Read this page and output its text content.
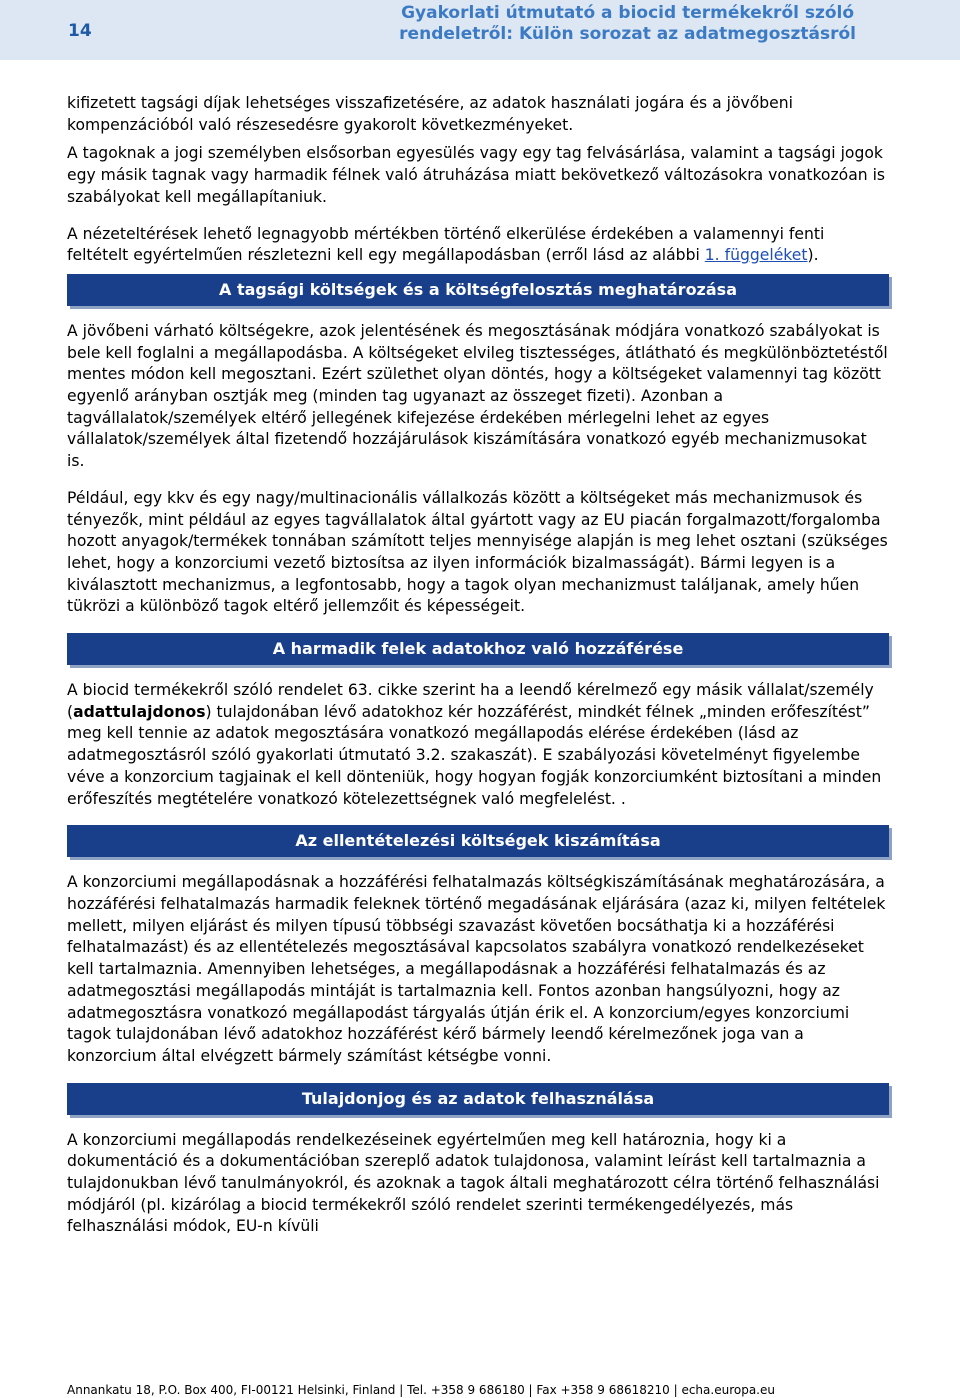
14
Gyakorlati útmutató a biocid termékekről szóló
rendeletről: Külön sorozat az adatmegosztásról

kifizetett tagsági díjak lehetséges visszafizetésére, az adatok használati jogára és a jövőbeni kompenzációból való részesedésre gyakorolt következményeket.

A tagoknak a jogi személyben elsősorban egyesülés vagy egy tag felvásárlása, valamint a tagsági jogok egy másik tagnak vagy harmadik félnek való átruházása miatt bekövetkező változásokra vonatkozóan is szabályokat kell megállapítaniuk.

A nézeteltérések lehető legnagyobb mértékben történő elkerülése érdekében a valamennyi fenti feltételt egyértelműen részletezni kell egy megállapodásban (erről lásd az alábbi 1. függeléket).

A tagsági költségek és a költségfelosztás meghatározása

A jövőbeni várható költségekre, azok jelentésének és megosztásának módjára vonatkozó szabályokat is bele kell foglalni a megállapodásba. A költségeket elvileg tisztességes, átlátható és megkülönböztetéstől mentes módon kell megosztani. Ezért születhet olyan döntés, hogy a költségeket valamennyi tag között egyenlő arányban osztják meg (minden tag ugyanazt az összeget fizeti). Azonban a tagvállalatok/személyek eltérő jellegének kifejezése érdekében mérlegelni lehet az egyes vállalatok/személyek által fizetendő hozzájárulások kiszámítására vonatkozó egyéb mechanizmusokat is.

Például, egy kkv és egy nagy/multinacionális vállalkozás között a költségeket más mechanizmusok és tényezők, mint például az egyes tagvállalatok által gyártott vagy az EU piacán forgalmazott/forgalomba hozott anyagok/termékek tonnában számított teljes mennyisége alapján is meg lehet osztani (szükséges lehet, hogy a konzorciumi vezető biztosítsa az ilyen információk bizalmasságát). Bármi legyen is a kiválasztott mechanizmus, a legfontosabb, hogy a tagok olyan mechanizmust találjanak, amely hűen tükrözi a különböző tagok eltérő jellemzőit és képességeit.

A harmadik felek adatokhoz való hozzáférése

A biocid termékekről szóló rendelet 63. cikke szerint ha a leendő kérelmező egy másik vállalat/személy (adattulajdonos) tulajdonában lévő adatokhoz kér hozzáférést, mindkét félnek „minden erőfeszítést” meg kell tennie az adatok megosztására vonatkozó megállapodás elérése érdekében (lásd az adatmegosztásról szóló gyakorlati útmutató 3.2. szakaszát). E szabályozási követelményt figyelembe véve a konzorcium tagjainak el kell dönteniük, hogy hogyan fogják konzorciumként biztosítani a minden erőfeszítés megtételére vonatkozó kötelezettségnek való megfelelést. .

Az ellentételezési költségek kiszámítása

A konzorciumi megállapodásnak a hozzáférési felhatalmazás költségkiszámításának meghatározására, a hozzáférési felhatalmazás harmadik feleknek történő megadásának eljárására (azaz ki, milyen feltételek mellett, milyen eljárást és milyen típusú többségi szavazást követően bocsáthatja ki a hozzáférési felhatalmazást) és az ellentételezés megosztásával kapcsolatos szabályra vonatkozó rendelkezéseket kell tartalmaznia. Amennyiben lehetséges, a megállapodásnak a hozzáférési felhatalmazás és az adatmegosztási megállapodás mintáját is tartalmaznia kell. Fontos azonban hangsúlyozni, hogy az adatmegosztásra vonatkozó megállapodást tárgyalás útján érik el. A konzorcium/egyes konzorciumi tagok tulajdonában lévő adatokhoz hozzáférést kérő bármely leendő kérelmezőnek joga van a konzorcium által elvégzett bármely számítást kétségbe vonni.

Tulajdonjog és az adatok felhasználása

A konzorciumi megállapodás rendelkezéseinek egyértelműen meg kell határoznia, hogy ki a dokumentáció és a dokumentációban szereplő adatok tulajdonosa, valamint leírást kell tartalmaznia a tulajdonukban lévő tanulmányokról, és azoknak a tagok általi meghatározott célra történő felhasználási módjáról (pl. kizárólag a biocid termékekről szóló rendelet szerinti termékengedélyezés, más felhasználási módok, EU-n kívüli

Annankatu 18, P.O. Box 400, FI-00121 Helsinki, Finland | Tel. +358 9 686180 | Fax +358 9 68618210 | echa.europa.eu
